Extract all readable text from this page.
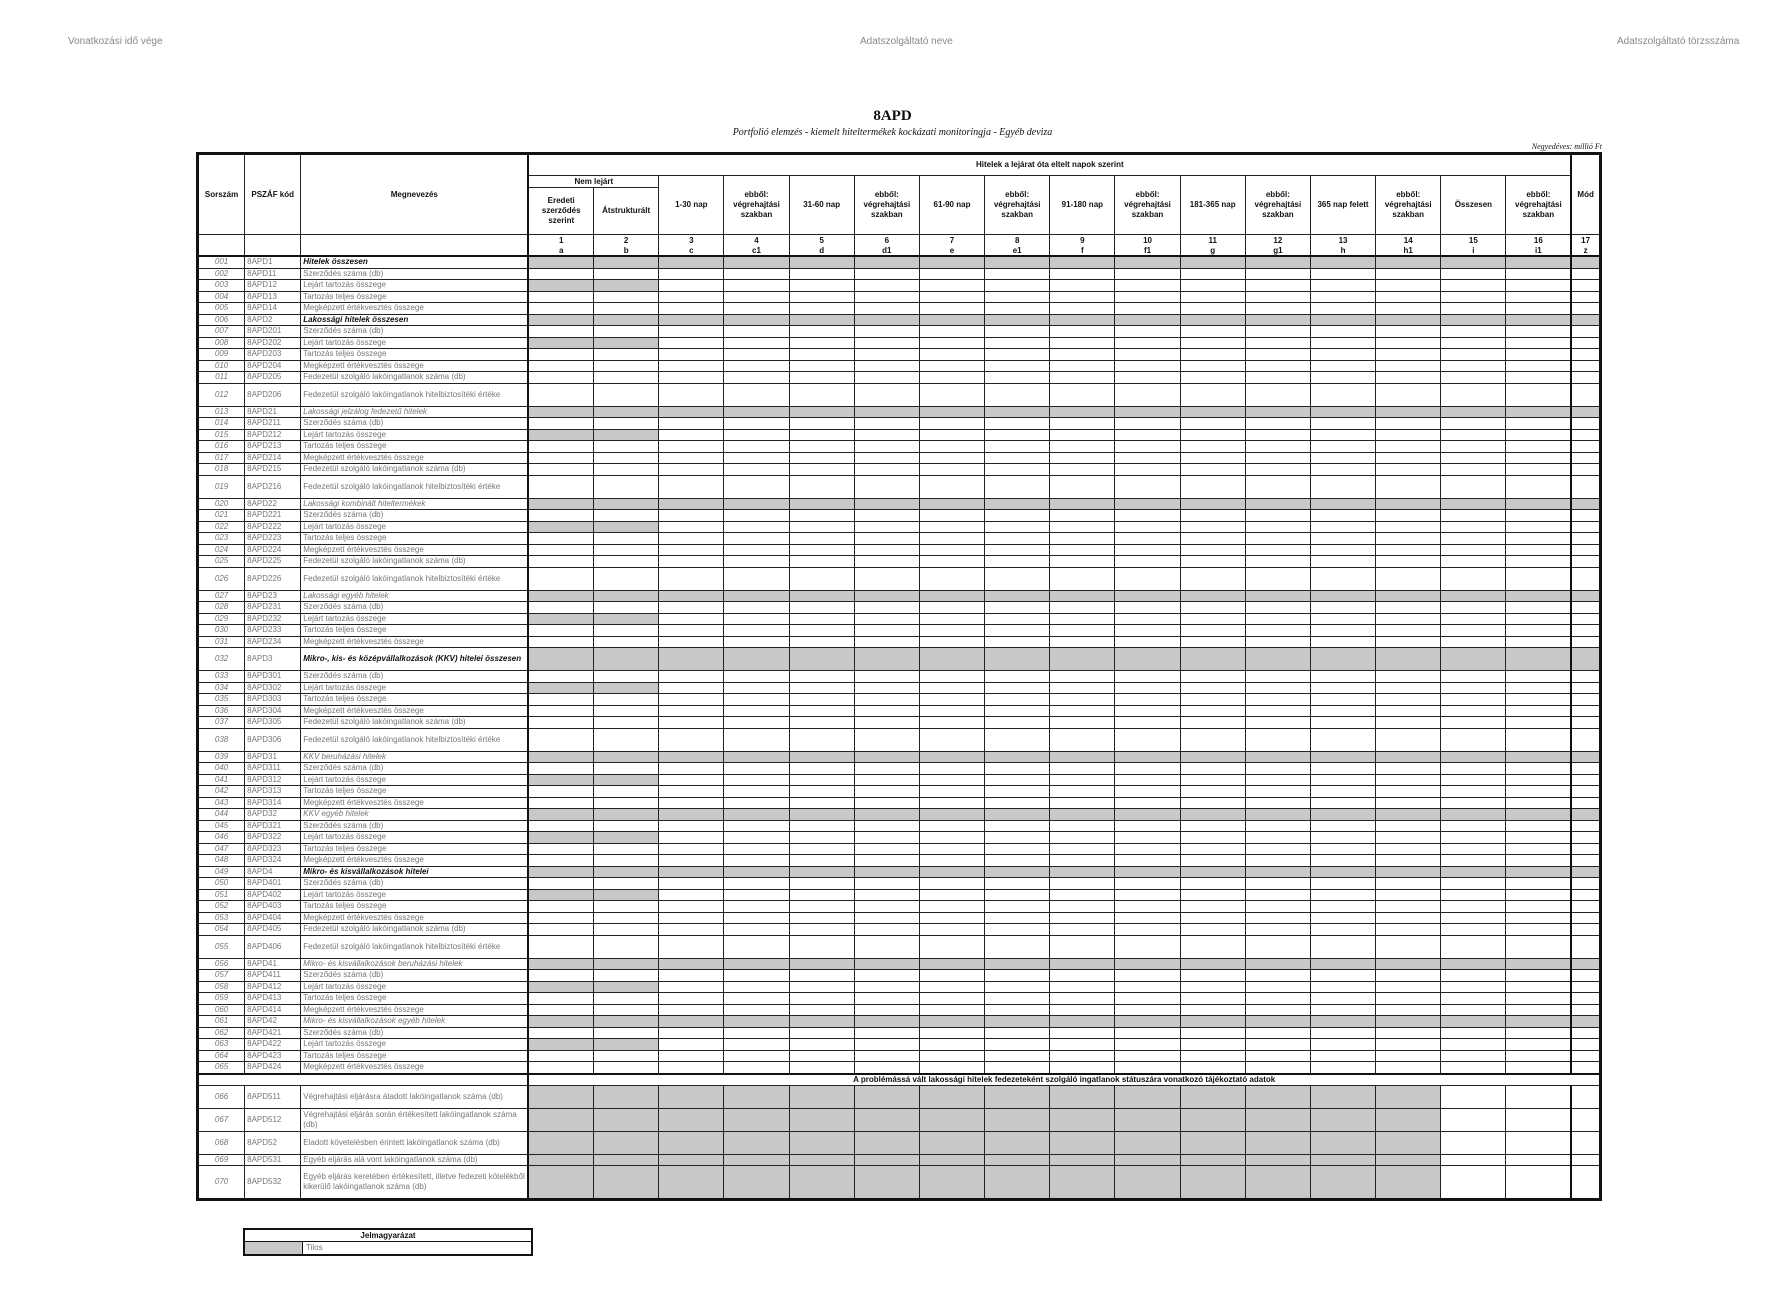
Vonatkozási idő vége	Adatszolgáltató neve	Adatszolgáltató törzsszáma
8APD
Portfolió elemzés - kiemelt hiteltermékek kockázati monitoringja - Egyéb deviza
Negyedéves: millió Ft
Sorszám	PSZÁF kód	Megnevezés	Hitelek a lejárat óta eltelt napok szerint																Mód
			Nem lejárt		1-30 nap	ebből: végrehajtási szakban	31-60 nap	ebből: végrehajtási szakban	61-90 nap	ebből: végrehajtási szakban	91-180 nap	ebből: végrehajtási szakban	181-365 nap	ebből: végrehajtási szakban	365 nap felett	ebből: végrehajtási szakban	Összesen	ebből: végrehajtási szakban	
			Eredeti szerződés szerint	Átstrukturált															
			1	2	3	4	5	6	7	8	9	10	11	12	13	14	15	16	17
			a	b	c	c1	d	d1	e	e1	f	f1	g	g1	h	h1	i	i1	z
001	8APD1	Hitelek összesen																	
002	8APD11	Szerződés száma (db)																	
003	8APD12	Lejárt tartozás összege																	
004	8APD13	Tartozás teljes összege																	
005	8APD14	Megképzett értékvesztés összege																	
006	8APD2	Lakossági hitelek összesen																	
007	8APD201	Szerződés száma (db)																	
008	8APD202	Lejárt tartozás összege																	
009	8APD203	Tartozás teljes összege																	
010	8APD204	Megképzett értékvesztés összege																	
011	8APD205	Fedezetül szolgáló lakóingatlanok száma (db)																	
012	8APD206	Fedezetül szolgáló lakóingatlanok hitelbiztosítéki értéke																	
013	8APD21	Lakossági jelzálog fedezetű hitelek																	
014	8APD211	Szerződés száma (db)																	
015	8APD212	Lejárt tartozás összege																	
016	8APD213	Tartozás teljes összege																	
017	8APD214	Megképzett értékvesztés összege																	
018	8APD215	Fedezetül szolgáló lakóingatlanok száma (db)																	
019	8APD216	Fedezetül szolgáló lakóingatlanok hitelbiztosítéki értéke																	
020	8APD22	Lakossági kombinált hiteltermékek																	
021	8APD221	Szerződés száma (db)																	
022	8APD222	Lejárt tartozás összege																	
023	8APD223	Tartozás teljes összege																	
024	8APD224	Megképzett értékvesztés összege																	
025	8APD225	Fedezetül szolgáló lakóingatlanok száma (db)																	
026	8APD226	Fedezetül szolgáló lakóingatlanok hitelbiztosítéki értéke																	
027	8APD23	Lakossági egyéb hitelek																	
028	8APD231	Szerződés száma (db)																	
029	8APD232	Lejárt tartozás összege																	
030	8APD233	Tartozás teljes összege																	
031	8APD234	Megképzett értékvesztés összege																	
032	8APD3	Mikro-, kis- és középvállalkozások (KKV) hitelei összesen																	
033	8APD301	Szerződés száma (db)																	
034	8APD302	Lejárt tartozás összege																	
035	8APD303	Tartozás teljes összege																	
036	8APD304	Megképzett értékvesztés összege																	
037	8APD305	Fedezetül szolgáló lakóingatlanok száma (db)																	
038	8APD306	Fedezetül szolgáló lakóingatlanok hitelbiztosítéki értéke																	
039	8APD31	KKV beruházási hitelek																	
040	8APD311	Szerződés száma (db)																	
041	8APD312	Lejárt tartozás összege																	
042	8APD313	Tartozás teljes összege																	
043	8APD314	Megképzett értékvesztés összege																	
044	8APD32	KKV egyéb hitelek																	
045	8APD321	Szerződés száma (db)																	
046	8APD322	Lejárt tartozás összege																	
047	8APD323	Tartozás teljes összege																	
048	8APD324	Megképzett értékvesztés összege																	
049	8APD4	Mikro- és kisvállalkozások hitelei																	
050	8APD401	Szerződés száma (db)																	
051	8APD402	Lejárt tartozás összege																	
052	8APD403	Tartozás teljes összege																	
053	8APD404	Megképzett értékvesztés összege																	
054	8APD405	Fedezetül szolgáló lakóingatlanok száma (db)																	
055	8APD406	Fedezetül szolgáló lakóingatlanok hitelbiztosítéki értéke																	
056	8APD41	Mikro- és kisvállalkozások beruházási hitelek																	
057	8APD411	Szerződés száma (db)																	
058	8APD412	Lejárt tartozás összege																	
059	8APD413	Tartozás teljes összege																	
060	8APD414	Megképzett értékvesztés összege																	
061	8APD42	Mikro- és kisvállalkozások egyéb hitelek																	
062	8APD421	Szerződés száma (db)																	
063	8APD422	Lejárt tartozás összege																	
064	8APD423	Tartozás teljes összege																	
065	8APD424	Megképzett értékvesztés összege																	
			A problémássá vált lakossági hitelek fedezeteként szolgáló ingatlanok státuszára vonatkozó tájékoztató adatok																
066	8APD511	Végrehajtási eljárásra átadott lakóingatlanok száma (db)																	
067	8APD512	Végrehajtási eljárás során értékesített lakóingatlanok száma (db)																	
068	8APD52	Eladott követelésben érintett lakóingatlanok száma (db)																	
069	8APD531	Egyéb eljárás alá vont lakóingatlanok száma (db)																	
070	8APD532	Egyéb eljárás keretében értékesített, illetve fedezeti kötelékből kikerülő lakóingatlanok száma (db)																	
Jelmagyarázat
Tilos
